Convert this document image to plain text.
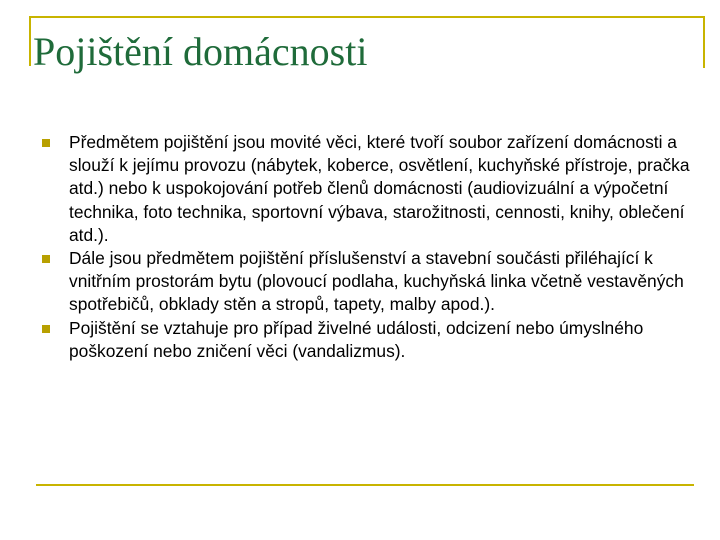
Pojištění domácnosti
Předmětem pojištění jsou movité věci, které tvoří soubor zařízení domácnosti a slouží k jejímu provozu (nábytek, koberce, osvětlení, kuchyňské přístroje, pračka atd.) nebo k uspokojování potřeb členů domácnosti (audiovizuální a výpočetní technika, foto technika, sportovní výbava, starožitnosti, cennosti, knihy, oblečení atd.).
Dále jsou předmětem pojištění příslušenství a stavební součásti přiléhající k vnitřním prostorám bytu (plovoucí podlaha, kuchyňská linka včetně vestavěných spotřebičů, obklady stěn a stropů, tapety, malby apod.).
Pojištění se vztahuje pro případ živelné události, odcizení nebo úmyslného poškození nebo zničení věci (vandalizmus).
